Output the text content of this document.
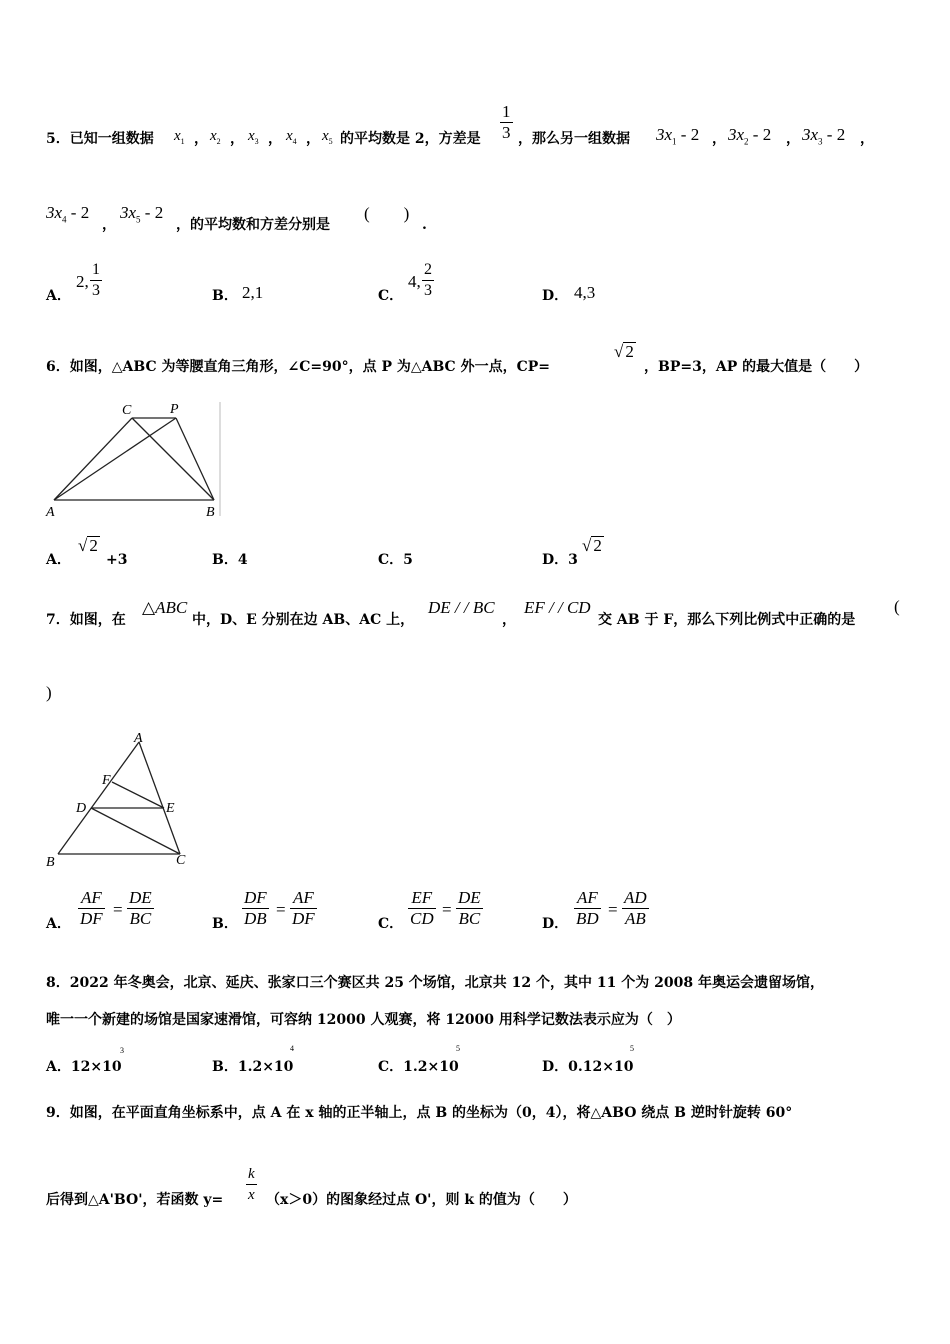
5．已知一组数据 $x_1$ ， $x_2$ ， $x_3$ ， $x_4$ ， $x_5$ 的平均数是 2，方差是
1
3 ，那么另一组数据 $3x_1 - 2$ ， $3x_2 - 2$ ， $3x_3 - 2$ ，
$3x_4 - 2$
，
$3x_5 - 2$
，的平均数和方差分别是
(　　)
.
A．
2,
1
3	B． 2,1	C．
4,
2
3	D． 4,3
6．如图，△ABC 为等腰直角三角形，∠C=90°，点 P 为△ABC 外一点，CP=
√ 2
，BP=3，AP 的最大值是（　　）
C	P
A	B
A．
√ 2
+3	B．4	C．5	D．3
√ 2
7．如图，在
△ABC
中，D、E 分别在边 AB、AC 上，
DE / / BC
，
EF / / CD
交 AB 于 F，那么下列比例式中正确的是
(
)
A
F
D	E
B	C
A．
AF
DF =
DE
BC	B．
DF
DB =
AF
DF	C．
EF
CD =
DE
BC	D．
AF
BD =
AD
AB
8．2022 年冬奥会，北京、延庆、张家口三个赛区共 25 个场馆，北京共 12 个，其中 11 个为 2008 年奥运会遗留场馆，
唯一一个新建的场馆是国家速滑馆，可容纳 12000 人观赛，将 12000 用科学记数法表示应为（　）
A．12×10
3
B．1.2×10
4
C．1.2×10
5
D．0.12×10
5
9．如图，在平面直角坐标系中，点 A 在 x 轴的正半轴上，点 B 的坐标为（0，4），将△ABO 绕点 B 逆时针旋转 60°
后得到△A'BO'，若函数 y=
k
x （x＞0）的图象经过点 O'，则 k 的值为（　　）
